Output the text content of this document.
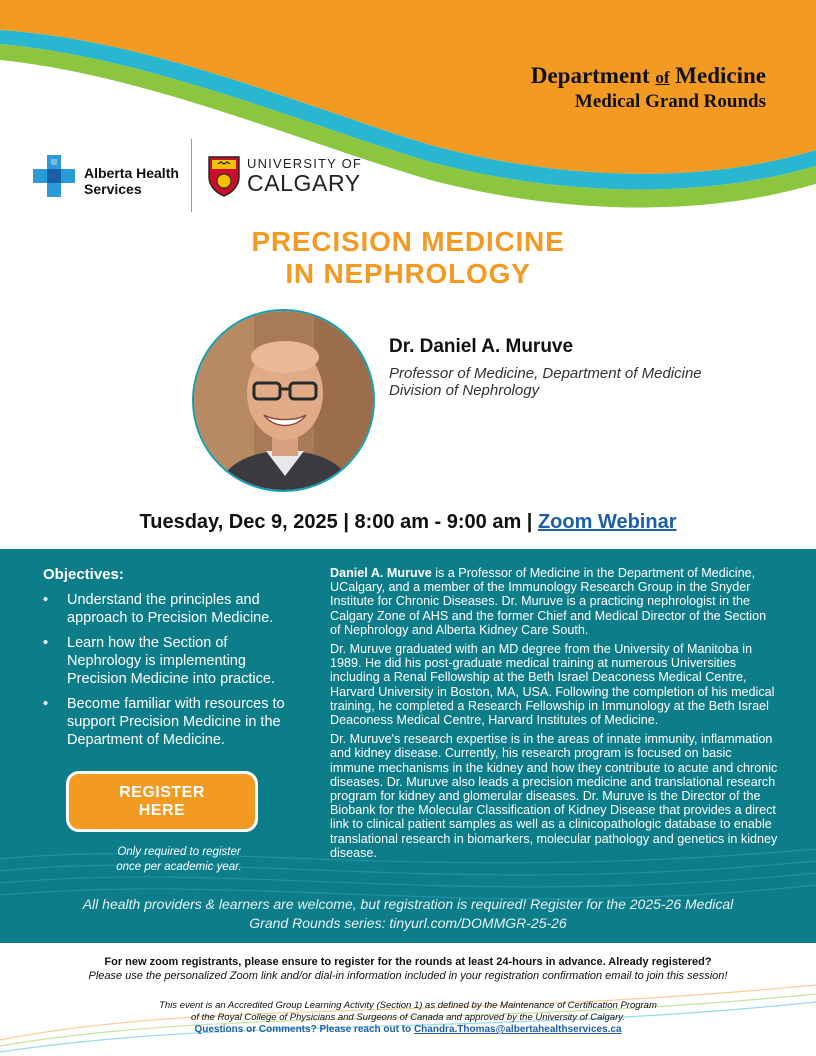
Department of Medicine
Medical Grand Rounds
Alberta Health
Services
UNIVERSITY OF
CALGARY
PRECISION MEDICINE
IN NEPHROLOGY
Dr. Daniel A. Muruve
Professor of Medicine, Department of Medicine
Division of Nephrology
Tuesday, Dec 9, 2025 | 8:00 am - 9:00 am | Zoom Webinar
Objectives:
• Understand the principles and approach to Precision Medicine.
• Learn how the Section of Nephrology is implementing Precision Medicine into practice.
• Become familiar with resources to support Precision Medicine in the Department of Medicine.
REGISTER
HERE
Only required to register
once per academic year.

Daniel A. Muruve is a Professor of Medicine in the Department of Medicine, UCalgary, and a member of the Immunology Research Group in the Snyder Institute for Chronic Diseases. Dr. Muruve is a practicing nephrologist in the Calgary Zone of AHS and the former Chief and Medical Director of the Section of Nephrology and Alberta Kidney Care South.

Dr. Muruve graduated with an MD degree from the University of Manitoba in 1989. He did his post-graduate medical training at numerous Universities including a Renal Fellowship at the Beth Israel Deaconess Medical Centre, Harvard University in Boston, MA, USA. Following the completion of his medical training, he completed a Research Fellowship in Immunology at the Beth Israel Deaconess Medical Centre, Harvard Institutes of Medicine.

Dr. Muruve's research expertise is in the areas of innate immunity, inflammation and kidney disease. Currently, his research program is focused on basic immune mechanisms in the kidney and how they contribute to acute and chronic diseases. Dr. Muruve also leads a precision medicine and translational research program for kidney and glomerular diseases. Dr. Muruve is the Director of the Biobank for the Molecular Classification of Kidney Disease that provides a direct link to clinical patient samples as well as a clinicopathologic database to enable translational research in biomarkers, molecular pathology and genetics in kidney disease.

All health providers & learners are welcome, but registration is required! Register for the 2025-26 Medical
Grand Rounds series: tinyurl.com/DOMMGR-25-26
For new zoom registrants, please ensure to register for the rounds at least 24-hours in advance. Already registered?
Please use the personalized Zoom link and/or dial-in information included in your registration confirmation email to join this session!
This event is an Accredited Group Learning Activity (Section 1) as defined by the Maintenance of Certification Program
of the Royal College of Physicians and Surgeons of Canada and approved by the University of Calgary.
Questions or Comments? Please reach out to Chandra.Thomas@albertahealthservices.ca
